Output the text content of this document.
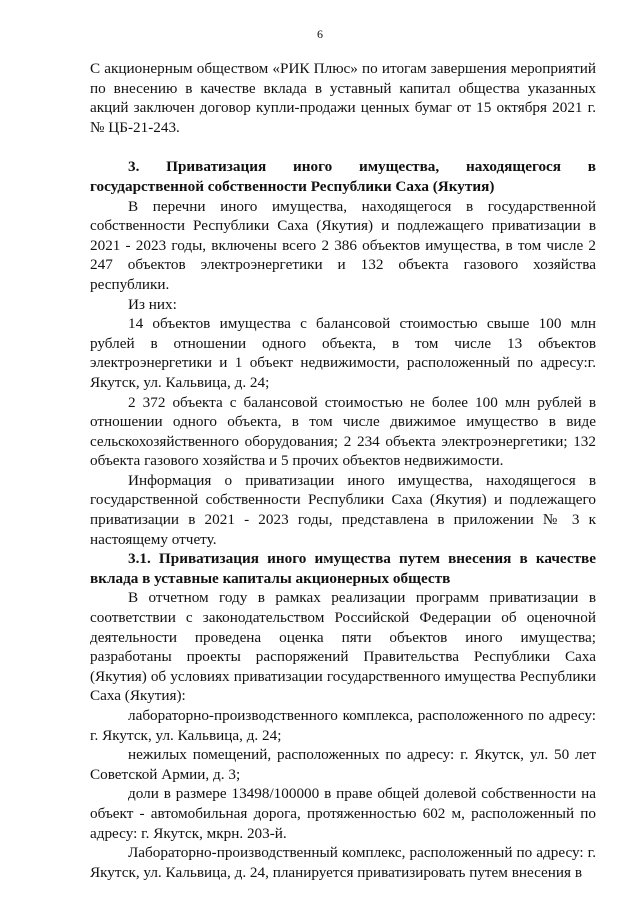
6

С акционерным обществом «РИК Плюс» по итогам завершения мероприятий по внесению в качестве вклада в уставный капитал общества указанных акций заключен договор купли-продажи ценных бумаг от 15 октября 2021 г. № ЦБ-21-243.

3. Приватизация иного имущества, находящегося в государственной собственности Республики Саха (Якутия)

В перечни иного имущества, находящегося в государственной собственности Республики Саха (Якутия) и подлежащего приватизации в 2021 - 2023 годы, включены всего 2 386 объектов имущества, в том числе 2 247 объектов электроэнергетики и 132 объекта газового хозяйства республики.

Из них:

14 объектов имущества с балансовой стоимостью свыше 100 млн рублей в отношении одного объекта, в том числе 13 объектов электроэнергетики и 1 объект недвижимости, расположенный по адресу:г. Якутск, ул. Кальвица, д. 24;

2 372 объекта с балансовой стоимостью не более 100 млн рублей в отношении одного объекта, в том числе движимое имущество в виде сельскохозяйственного оборудования; 2 234 объекта электроэнергетики; 132 объекта газового хозяйства и 5 прочих объектов недвижимости.

Информация о приватизации иного имущества, находящегося в государственной собственности Республики Саха (Якутия) и подлежащего приватизации в 2021 - 2023 годы, представлена в приложении № 3 к настоящему отчету.

3.1. Приватизация иного имущества путем внесения в качестве вклада в уставные капиталы акционерных обществ

В отчетном году в рамках реализации программ приватизации в соответствии с законодательством Российской Федерации об оценочной деятельности проведена оценка пяти объектов иного имущества; разработаны проекты распоряжений Правительства Республики Саха (Якутия) об условиях приватизации государственного имущества Республики Саха (Якутия):

лабораторно-производственного комплекса, расположенного по адресу: г. Якутск, ул. Кальвица, д. 24;

нежилых помещений, расположенных по адресу: г. Якутск, ул. 50 лет Советской Армии, д. 3;

доли в размере 13498/100000 в праве общей долевой собственности на объект - автомобильная дорога, протяженностью 602 м, расположенный по адресу: г. Якутск, мкрн. 203-й.

Лабораторно-производственный комплекс, расположенный по адресу: г. Якутск, ул. Кальвица, д. 24, планируется приватизировать путем внесения в
